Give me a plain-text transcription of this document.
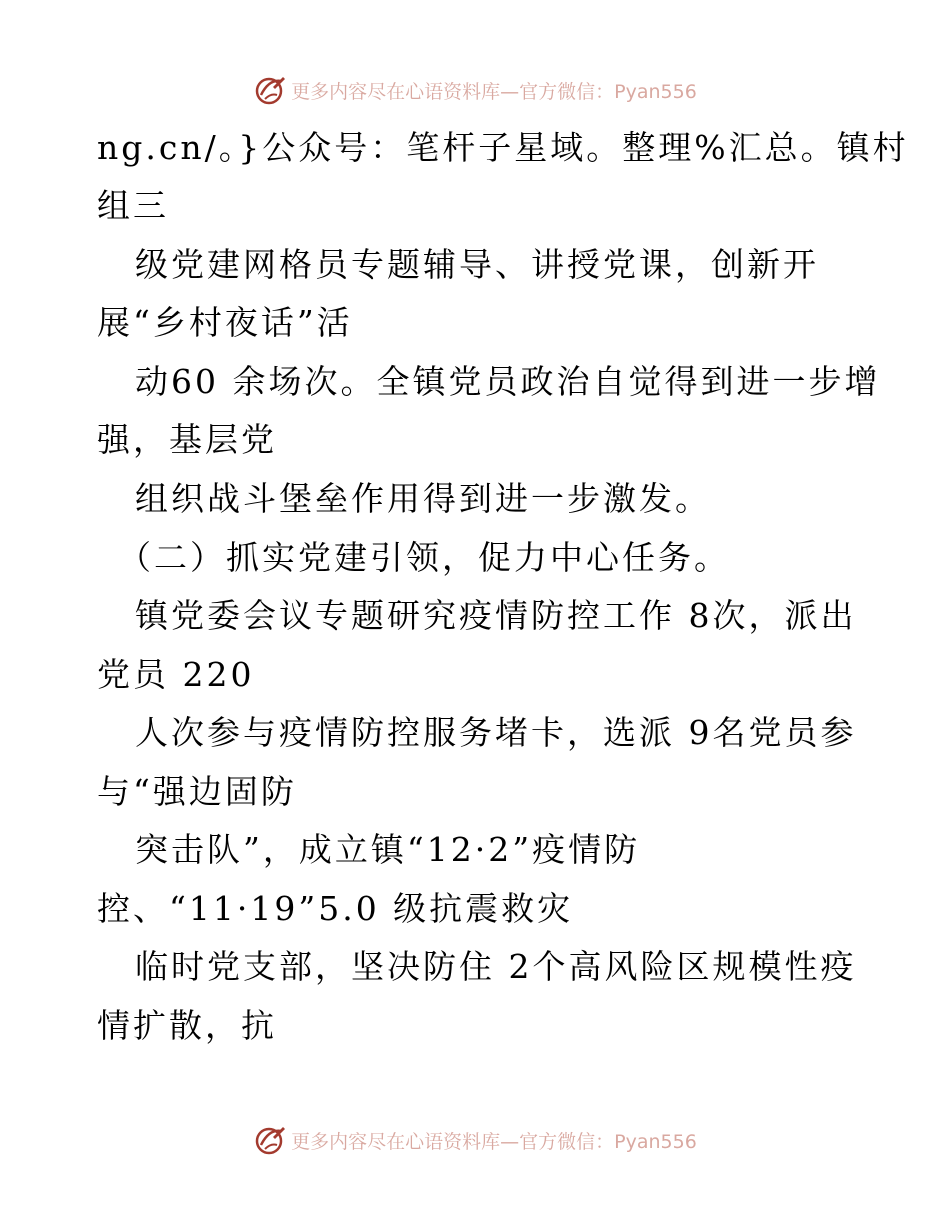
更多内容尽在心语资料库—官方微信：Pyan556
ng.cn/。}公众号：笔杆子星域。整理%汇总。镇村
组三
级党建网格员专题辅导、讲授党课，创新开
展“乡村夜话”活
动60 余场次。全镇党员政治自觉得到进一步增
强，基层党
组织战斗堡垒作用得到进一步激发。
（二）抓实党建引领，促力中心任务。
镇党委会议专题研究疫情防控工作 8次，派出
党员 220
人次参与疫情防控服务堵卡，选派 9名党员参
与“强边固防
突击队”，成立镇“12·2”疫情防
控、“11·19”5.0 级抗震救灾
临时党支部，坚决防住 2个高风险区规模性疫
情扩散，抗
更多内容尽在心语资料库—官方微信：Pyan556
